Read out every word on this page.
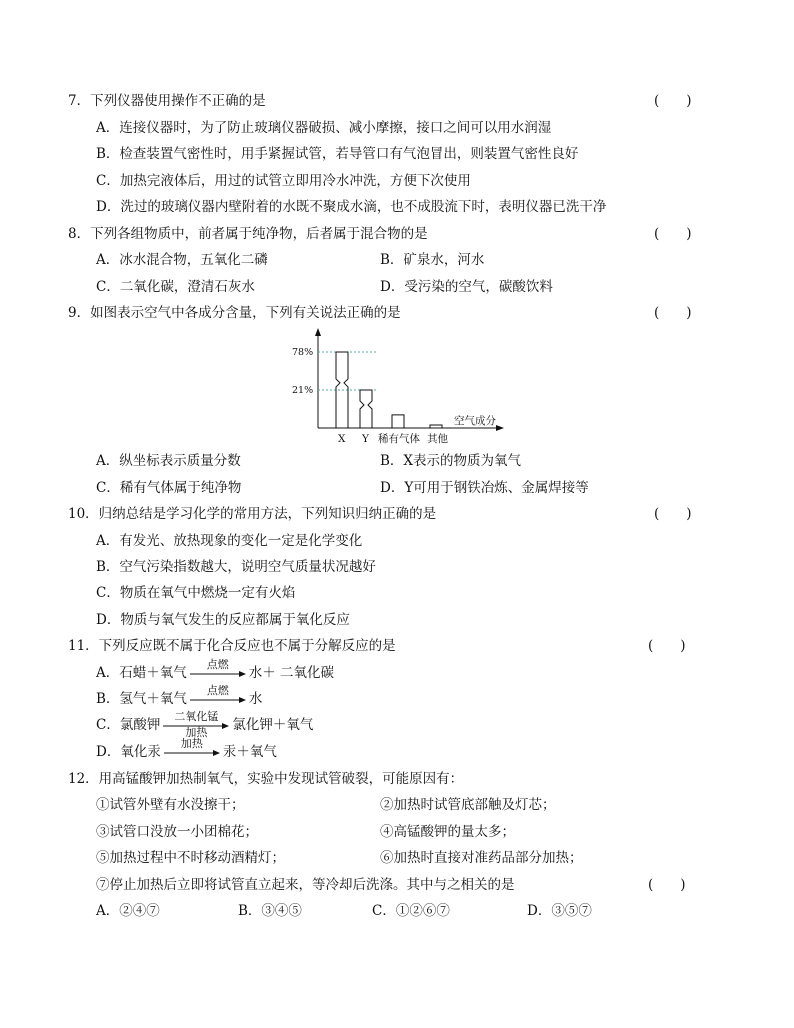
7．下列仪器使用操作不正确的是	(　　)
A．连接仪器时，为了防止玻璃仪器破损、减小摩擦，接口之间可以用水润湿
B．检查装置气密性时，用手紧握试管，若导管口有气泡冒出，则装置气密性良好
C．加热完液体后，用过的试管立即用冷水冲洗，方便下次使用
D．洗过的玻璃仪器内壁附着的水既不聚成水滴，也不成股流下时，表明仪器已洗干净
8．下列各组物质中，前者属于纯净物，后者属于混合物的是	(　　)
A．冰水混合物，五氧化二磷	B．矿泉水，河水
C．二氧化碳，澄清石灰水	D．受污染的空气，碳酸饮料
9．如图表示空气中各成分含量，下列有关说法正确的是	(　　)
78%
21%
X Y 稀有气体 其他
空气成分
A．纵坐标表示质量分数	B．X表示的物质为氧气
C．稀有气体属于纯净物	D．Y可用于钢铁冶炼、金属焊接等
10．归纳总结是学习化学的常用方法，下列知识归纳正确的是	(　　)
A．有发光、放热现象的变化一定是化学变化
B．空气污染指数越大，说明空气质量状况越好
C．物质在氧气中燃烧一定有火焰
D．物质与氧气发生的反应都属于氧化反应
11．下列反应既不属于化合反应也不属于分解反应的是	(　　)
A．石蜡＋氧气
点燃
水＋ 二氧化碳
B．氢气＋氧气
点燃
水
C．氯酸钾
二氧化锰
加热	氯化钾＋氧气
D．氧化汞
加热
汞＋氧气
12．用高锰酸钾加热制氧气，实验中发现试管破裂，可能原因有：
①试管外壁有水没擦干；	②加热时试管底部触及灯芯；
③试管口没放一小团棉花；	④高锰酸钾的量太多；
⑤加热过程中不时移动酒精灯；	⑥加热时直接对准药品部分加热；
⑦停止加热后立即将试管直立起来，等冷却后洗涤。其中与之相关的是	(　　)
A．②④⑦	B．③④⑤	C．①②⑥⑦	D．③⑤⑦
